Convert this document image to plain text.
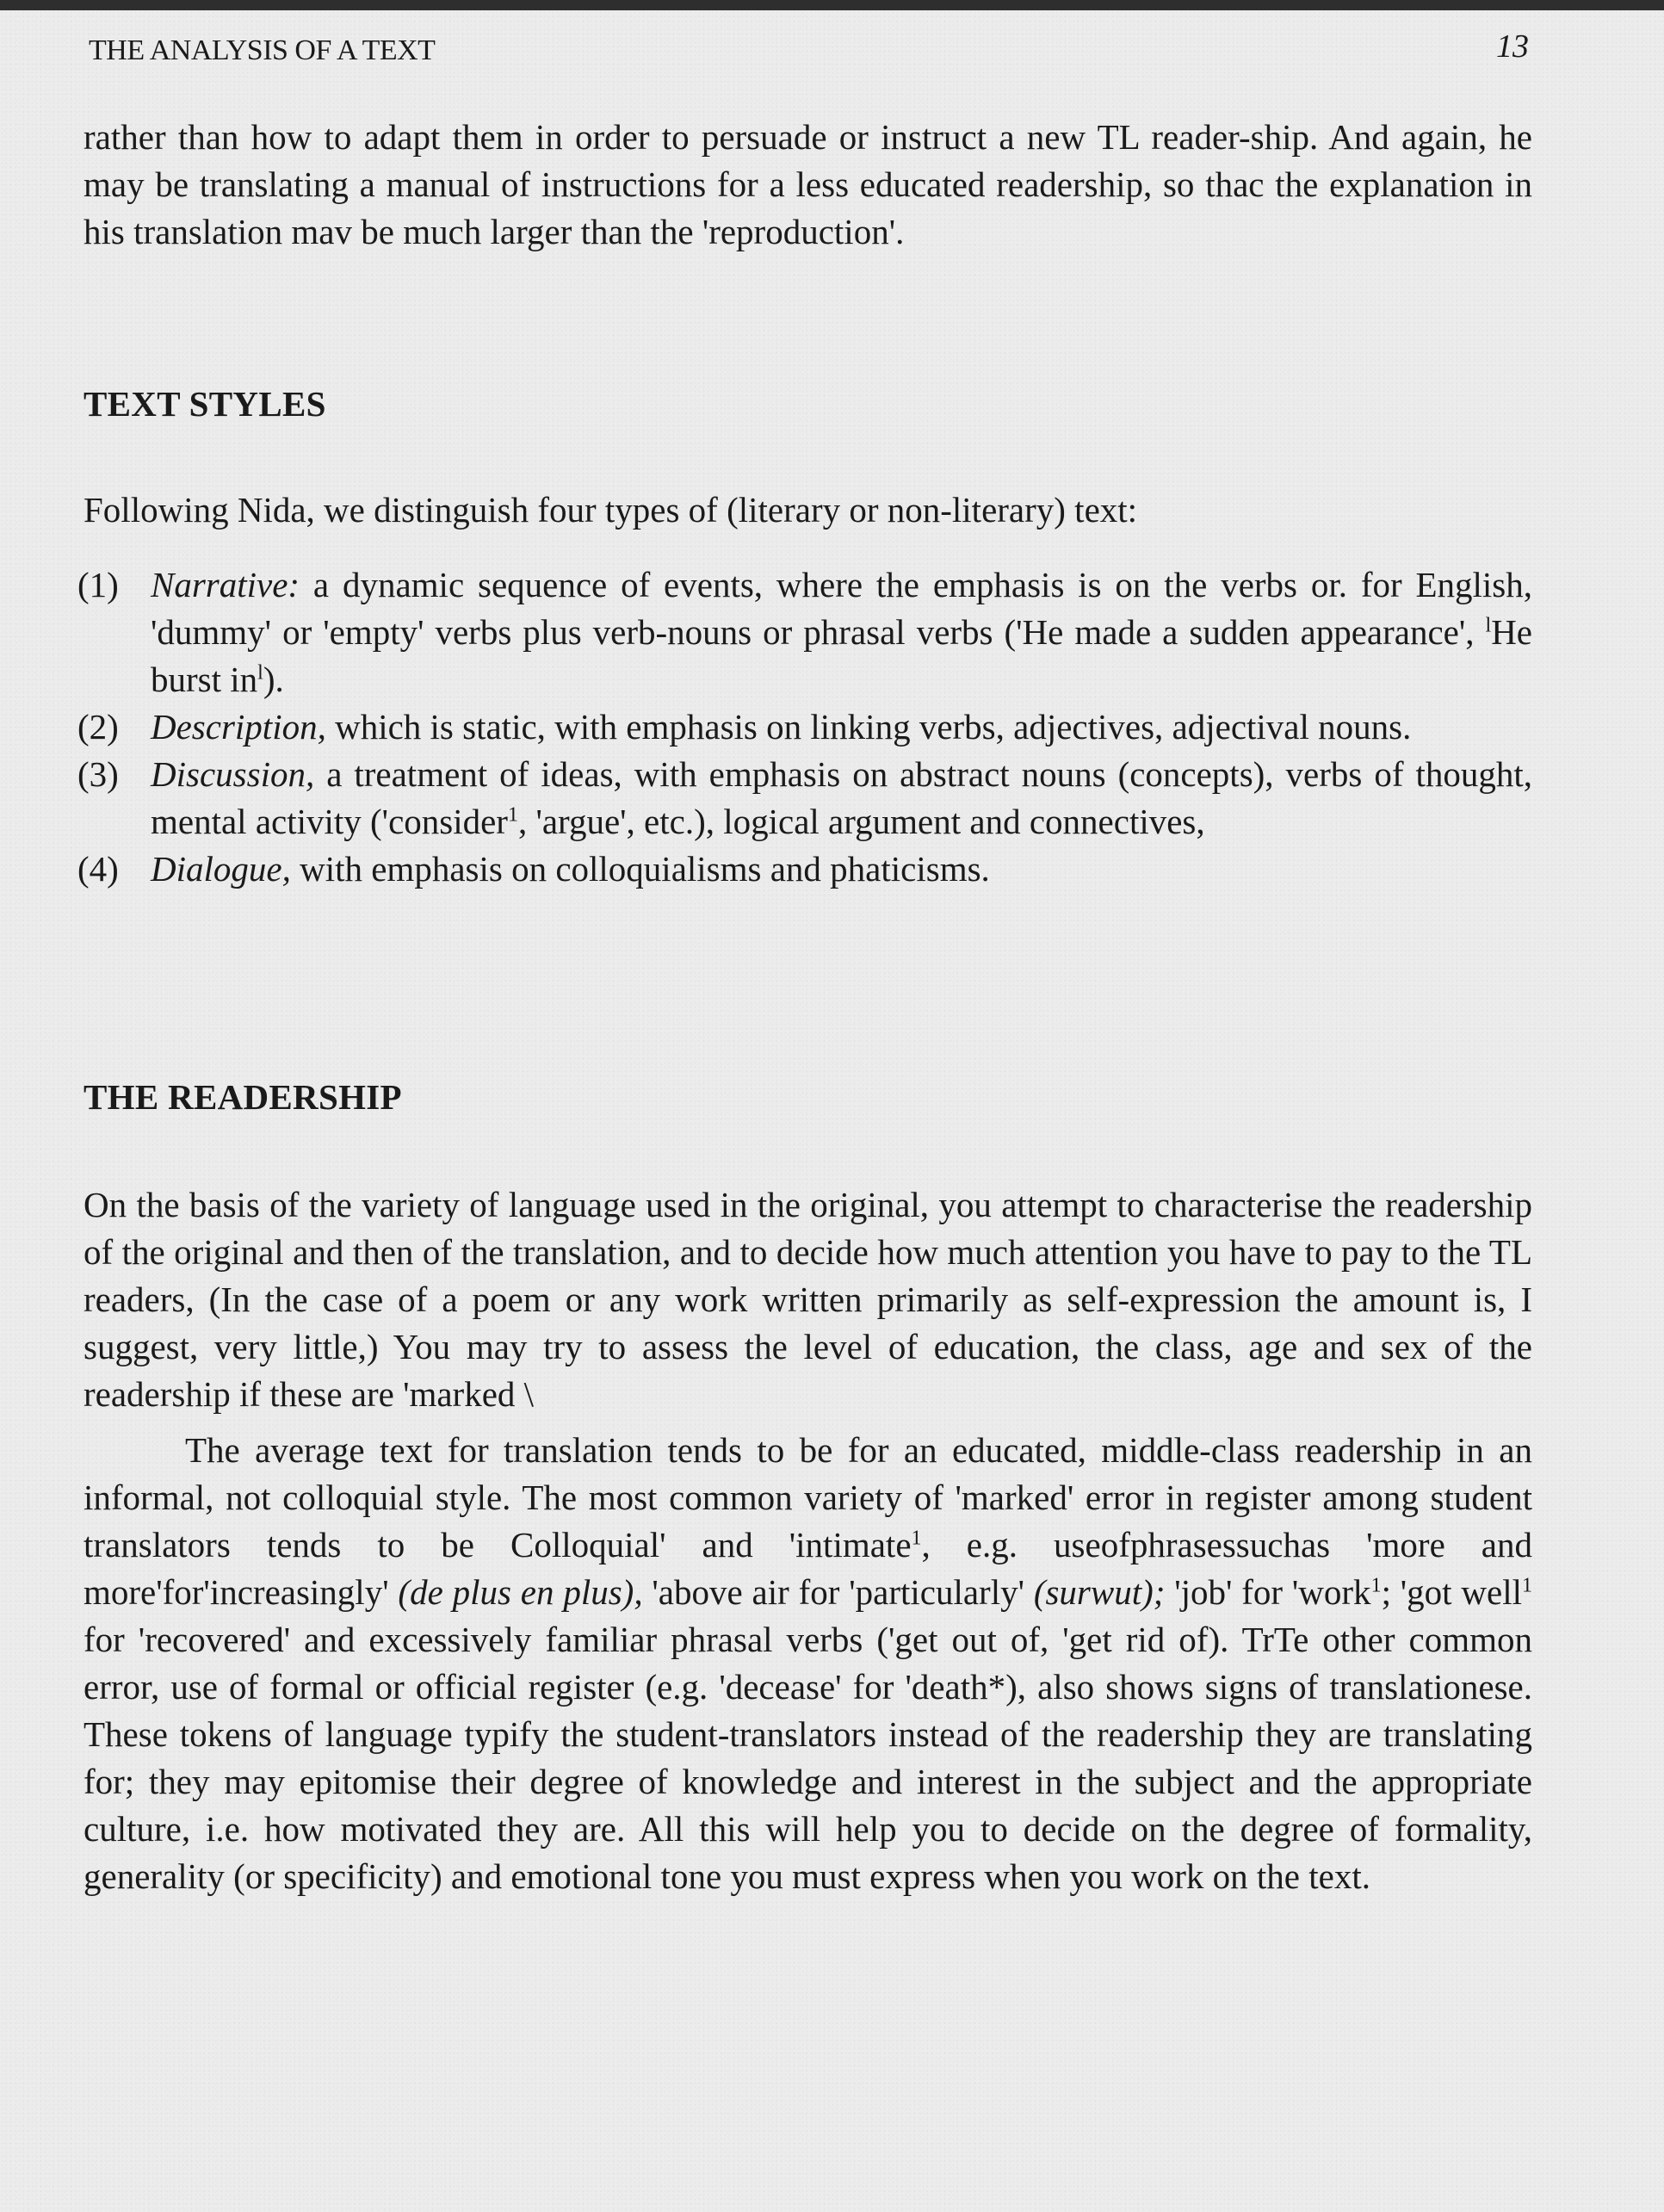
THE ANALYSIS OF A TEXT	13
rather than how to adapt them in order to persuade or instruct a new TL reader-ship. And again, he may be translating a manual of instructions for a less educated readership, so thac the explanation in his translation mav be much larger than the 'reproduction'.
TEXT STYLES
Following Nida, we distinguish four types of (literary or non-literary) text:
(1) Narrative: a dynamic sequence of events, where the emphasis is on the verbs or. for English, 'dummy' or 'empty' verbs plus verb-nouns or phrasal verbs ('He made a sudden appearance', $^l$He burst $in^l$).
(2) Description, which is static, with emphasis on linking verbs, adjectives, adjectival nouns.
(3) Discussion, a treatment of ideas, with emphasis on abstract nouns (concepts), verbs of thought, mental activity ('consider$^1$, 'argue', etc.), logical argument and connectives,
(4) Dialogue, with emphasis on colloquialisms and phaticisms.
THE READERSHIP
On the basis of the variety of language used in the original, you attempt to characterise the readership of the original and then of the translation, and to decide how much attention you have to pay to the TL readers, (In the case of a poem or any work written primarily as self-expression the amount is, I suggest, very little,) You may try to assess the level of education, the class, age and sex of the readership if these are 'marked \
The average text for translation tends to be for an educated, middle-class readership in an informal, not colloquial style. The most common variety of 'marked' error in register among student translators tends to be Colloquial' and 'intimate$^1$, e.g. useofphrasessuchas 'more and more'for'increasingly' (de plus en plus), 'above air for 'particularly' (surwut); 'job' for 'work$^1$; 'got well$^1$ for 'recovered' and excessively familiar phrasal verbs ('get out of, 'get rid of). TrTe other common error, use of formal or official register (e.g. 'decease' for 'death*), also shows signs of translationese. These tokens of language typify the student-translators instead of the readership they are translating for; they may epitomise their degree of knowledge and interest in the subject and the appropriate culture, i.e. how motivated they are. All this will help you to decide on the degree of formality, generality (or specificity) and emotional tone you must express when you work on the text.
